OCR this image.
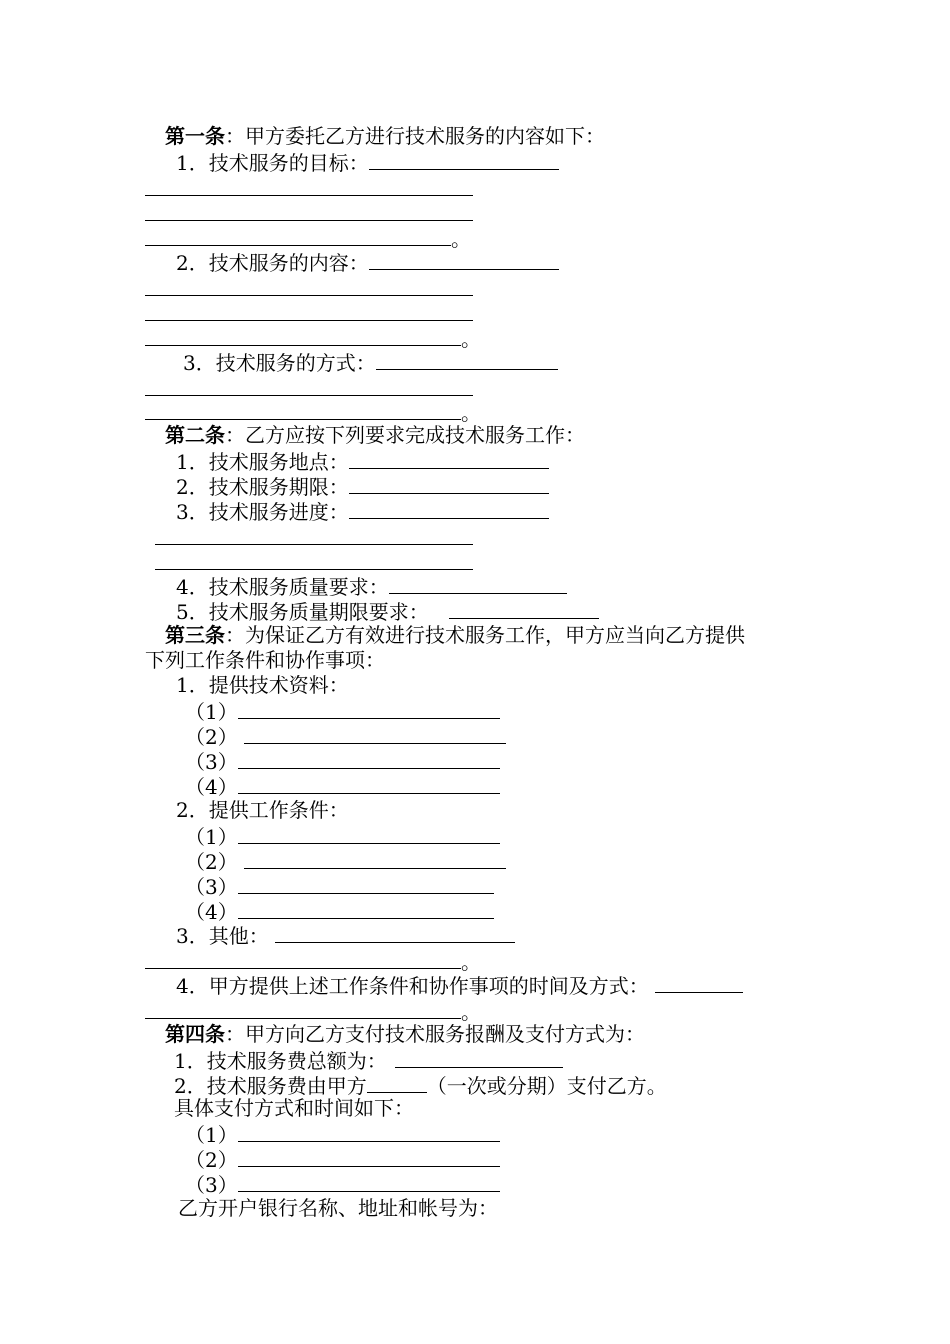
第一条：甲方委托乙方进行技术服务的内容如下：
1．技术服务的目标：
。
2．技术服务的内容：
。
3．技术服务的方式：
。
第二条：乙方应按下列要求完成技术服务工作：
1．技术服务地点：
2．技术服务期限：
3．技术服务进度：
4．技术服务质量要求：
5．技术服务质量期限要求：
第三条：为保证乙方有效进行技术服务工作，甲方应当向乙方提供
下列工作条件和协作事项：
1．提供技术资料：
（1）
（2）
（3）
（4）
2．提供工作条件：
（1）
（2）
（3）
（4）
3．其他：
。
4．甲方提供上述工作条件和协作事项的时间及方式：
。
第四条：甲方向乙方支付技术服务报酬及支付方式为：
1．技术服务费总额为：
2．技术服务费由甲方	（一次或分期）支付乙方。
具体支付方式和时间如下：
（1）
（2）
（3）
乙方开户银行名称、地址和帐号为：
